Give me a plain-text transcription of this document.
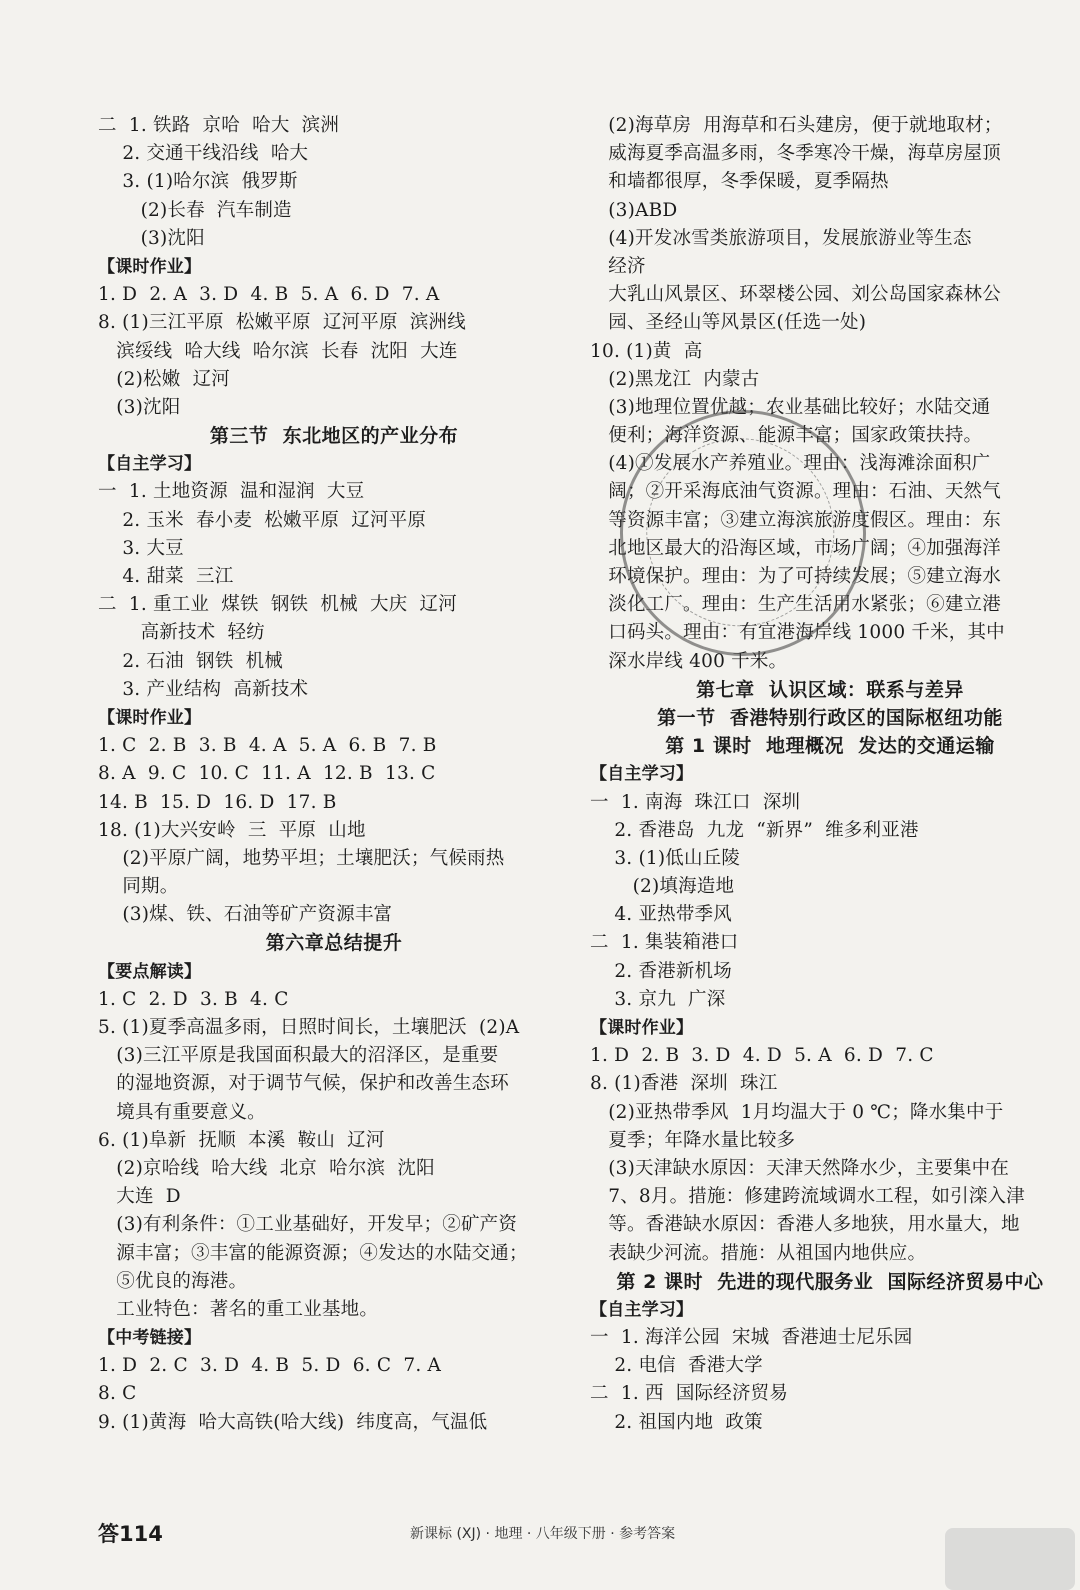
二  1. 铁路  京哈  哈大  滨洲
2. 交通干线沿线  哈大
3. (1)哈尔滨  俄罗斯
(2)长春  汽车制造
(3)沈阳
【课时作业】
1. D  2. A  3. D  4. B  5. A  6. D  7. A
8. (1)三江平原  松嫩平原  辽河平原  滨洲线
滨绥线  哈大线  哈尔滨  长春  沈阳  大连
(2)松嫩  辽河
(3)沈阳
第三节  东北地区的产业分布
【自主学习】
一  1. 土地资源  温和湿润  大豆
2. 玉米  春小麦  松嫩平原  辽河平原
3. 大豆
4. 甜菜  三江
二  1. 重工业  煤铁  钢铁  机械  大庆  辽河
高新技术  轻纺
2. 石油  钢铁  机械
3. 产业结构  高新技术
【课时作业】
1. C  2. B  3. B  4. A  5. A  6. B  7. B
8. A  9. C  10. C  11. A  12. B  13. C
14. B  15. D  16. D  17. B
18. (1)大兴安岭  三  平原  山地
(2)平原广阔，地势平坦；土壤肥沃；气候雨热
同期。
(3)煤、铁、石油等矿产资源丰富
第六章总结提升
【要点解读】
1. C  2. D  3. B  4. C
5. (1)夏季高温多雨，日照时间长，土壤肥沃  (2)A
(3)三江平原是我国面积最大的沼泽区，是重要
的湿地资源，对于调节气候，保护和改善生态环
境具有重要意义。
6. (1)阜新  抚顺  本溪  鞍山  辽河
(2)京哈线  哈大线  北京  哈尔滨  沈阳
大连  D
(3)有利条件：①工业基础好，开发早；②矿产资
源丰富；③丰富的能源资源；④发达的水陆交通；
⑤优良的海港。
工业特色：著名的重工业基地。
【中考链接】
1. D  2. C  3. D  4. B  5. D  6. C  7. A
8. C
9. (1)黄海  哈大高铁(哈大线)  纬度高，气温低
(2)海草房  用海草和石头建房，便于就地取材；
威海夏季高温多雨，冬季寒冷干燥，海草房屋顶
和墙都很厚，冬季保暖，夏季隔热
(3)ABD
(4)开发冰雪类旅游项目，发展旅游业等生态
经济
大乳山风景区、环翠楼公园、刘公岛国家森林公
园、圣经山等风景区(任选一处)
10. (1)黄  高
(2)黑龙江  内蒙古
(3)地理位置优越；农业基础比较好；水陆交通
便利；海洋资源、能源丰富；国家政策扶持。
(4)①发展水产养殖业。理由：浅海滩涂面积广
阔；②开采海底油气资源。理由：石油、天然气
等资源丰富；③建立海滨旅游度假区。理由：东
北地区最大的沿海区域，市场广阔；④加强海洋
环境保护。理由：为了可持续发展；⑤建立海水
淡化工厂。理由：生产生活用水紧张；⑥建立港
口码头。理由：有宜港海岸线 1000 千米，其中
深水岸线 400 千米。
第七章  认识区域：联系与差异
第一节  香港特别行政区的国际枢纽功能
第 1 课时  地理概况  发达的交通运输
【自主学习】
一  1. 南海  珠江口  深圳
2. 香港岛  九龙  “新界”  维多利亚港
3. (1)低山丘陵
(2)填海造地
4. 亚热带季风
二  1. 集装箱港口
2. 香港新机场
3. 京九  广深
【课时作业】
1. D  2. B  3. D  4. D  5. A  6. D  7. C
8. (1)香港  深圳  珠江
(2)亚热带季风  1月均温大于 0 ℃；降水集中于
夏季；年降水量比较多
(3)天津缺水原因：天津天然降水少，主要集中在
7、8月。措施：修建跨流域调水工程，如引滦入津
等。香港缺水原因：香港人多地狭，用水量大，地
表缺少河流。措施：从祖国内地供应。
第 2 课时  先进的现代服务业  国际经济贸易中心
【自主学习】
一  1. 海洋公园  宋城  香港迪士尼乐园
2. 电信  香港大学
二  1. 西  国际经济贸易
2. 祖国内地  政策
答114	新课标 (XJ) · 地理 · 八年级下册 · 参考答案
